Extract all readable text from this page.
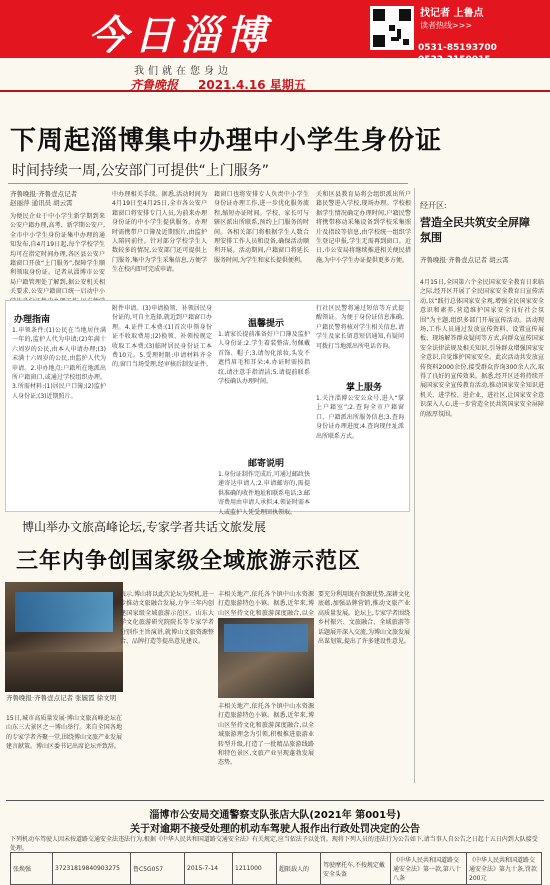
今日淄博	找记者 上鲁点
读者热线>>>
0531-85193700
0533-3159015
我们就在您身边
齐鲁晚报 2021.4.16 星期五
下周起淄博集中办理中小学生身份证
时间持续一周,公安部门可提供“上门服务”
齐鲁晚报·齐鲁壹点记者
赵丽萍 通讯员 胡云霄
为便民企业于中小学生新学期到来公安户籍办理,高考、新学期公安户,全市中小学生身份证集中办理的通知发布,自4月19日起,每个学校学生均可在指定时间办理,各区县公安户籍窗口开放“上门服务”,保障学生顺利领取身份证。记者从淄博市公安局户籍管理处了解到,据公安机关相关要求,公安户籍窗口统一启动中小
中办理相关手续。据悉,活动时间为4月19日至4月25日,全市各公安户籍窗口将安排专门人员,为前来办理身份证的中小学生提供服务。办理时需携带户口簿及近期照片,由监护人陪同前往。针对部分学校学生人数较多的情况,公安部门还可提供上门服务,集中为学生采集信息,方便学生在校内即可完成申请。
籍窗口也将安排专人负责中小学生身份证办理工作,进一步优化服务流程,缩短办证时间。学校、家长可与辖区派出所联系,预约上门服务的时间。各相关部门将根据学生人数合理安排工作人员和设备,确保活动顺利开展。活动期间,户籍窗口将延长服务时间,为学生和家长提供便利。
关和区县教育局将会组织派出所户籍民警进入学校,现场办理。学校根据学生情况确定办理时间,户籍民警将携带移动采集设备到学校采集照片及指纹等信息,由学校统一组织学生登记申报,学生无需再到窗口。近日,市公安局将继续推进相关便民措施,为中小学生办证提供更多方便。
经开区:
营造全民共筑安全屏障氛围
齐鲁晚报·齐鲁壹点记者 胡云霄
4月15日,全国第六个全民国家安全教育日来临之际,经开区开展了全民国家安全教育日宣传活动,以“践行总体国家安全观,增强全民国家安全意识和素养,营造维护国家安全良好社会氛围”为主题,组织多部门开展宣传活动。活动现场,工作人员通过发放宣传资料、设置宣传展板、现场解答群众疑问等方式,向群众宣传国家安全法律法规及相关知识,引导群众增强国家安全意识,自觉维护国家安全。此次活动共发放宣传资料2000余份,接受群众咨询300余人次,取得了良好的宣传效果。据悉,经开区还将持续开展国家安全宣传教育活动,推动国家安全知识进机关、进学校、进企业、进社区,让国家安全意识深入人心,进一步营造全民共筑国家安全屏障的浓厚氛围。
办理指南
1.申领条件:(1)公民在当地居住满一年的,监护人代为申请;(2)年满十六周岁的公民,由本人申请办理;(3)未满十六周岁的公民,由监护人代为申请。2.申办地点:户籍所在地派出所户籍窗口,或通过学校组织办理。3.所需材料:(1)居民户口簿;(2)监护人身份证;(3)近期照片。
附件申请。(3)申请换领、补领居民身份证的,可自主选择,就近到户籍窗口办理。4.证件工本费:(1)首次申领身份证不收取费用;(2)换领、补领按规定收取工本费;(3)临时居民身份证工本费10元。5.受理时限:申请材料齐全的,窗口当场受理,经审核后制发证件。
温馨提示
1.请家长提前准备好户口簿及监护人身份证;2.学生着装整洁,勿佩戴首饰、帽子;3.请勿化浓妆,头发不遮挡眉毛和耳朵;4.办证时需按指纹,请注意手指清洁;5.请提前联系学校确认办理时间。
邮寄说明
1.身份证制作完成后,可通过邮政快递寄达申请人;2.申请邮寄的,需提供准确的收件地址和联系电话;3.邮寄费用由申请人承担;4.领证时需本人或监护人凭受理回执领取。
行社区民警将通过短信等方式提醒领证。为便于身份证信息准确,户籍民警将核对学生相关信息,请学生及家长留意短信通知,有疑问可拨打当地派出所电话咨询。
掌上服务
1.关注淄博公安公众号,进入“掌上户籍室”;2.查询全市户籍窗口、户籍派出所服务信息;3.查询身份证办理进度;4.查询现住址派出所联系方式。
博山举办文旅高峰论坛,专家学者共话文旅发展
三年内争创国家级全域旅游示范区
齐鲁晚报·齐鲁壹点记者 张毓霞 徐文明
15日,城市高质量发展·博山文旅高峰论坛在山东三大景区之一博山举行。来自全国各地的专家学者齐聚一堂,围绕博山文旅产业发展建言献策。博山区委书记出席论坛并致辞。
表示,博山将以此次论坛为契机,进一步推动文旅融合发展,力争三年内创建国家级全域旅游示范区。山东大学文化旅游研究院院长等专家学者分别作主旨演讲,就博山文旅资源整合、品牌打造等提出意见建议。
丰相关地产,依托各个镇中山水资源打造旅游特色小镇。据悉,近年来,博山区坚持文化和旅游深度融合,以全
丰相关地产,依托各个镇中山水资源打造旅游特色小镇。据悉,近年来,博山区坚持文化和旅游深度融合,以全域旅游理念为引领,积极推进旅游业转型升级,打造了一批精品旅游线路和特色景区,文旅产业呈现蓬勃发展态势。
要充分利用既有资源优势,深耕文化底蕴,加强品牌营销,推动文旅产业高质量发展。论坛上,专家学者围绕乡村振兴、文旅融合、全域旅游等话题展开深入交流,为博山文旅发展出谋划策,提出了许多建设性意见。
淄博市公安局交通警察支队张店大队(2021年 第001号)
关于对逾期不接受处理的机动车驾驶人报作出行政处罚决定的公告
下列机动车驾驶人因未按道路交通安全法违法行为,根据《中华人民共和国道路交通安全法》有关规定,应当依法予以处罚。现将下列人员的违法行为公告如下,请当事人自公告之日起十五日内到大队接受处理。
张焕强	37231819840903275	鲁C5G057	2015-7-14	1211000	超限载人的	驾驶摩托车,不按规定戴安全头盔	《中华人民共和国道路交通安全法》第一款,第八十八条	《中华人民共和国道路交通安全法》第九十条,罚款200元
